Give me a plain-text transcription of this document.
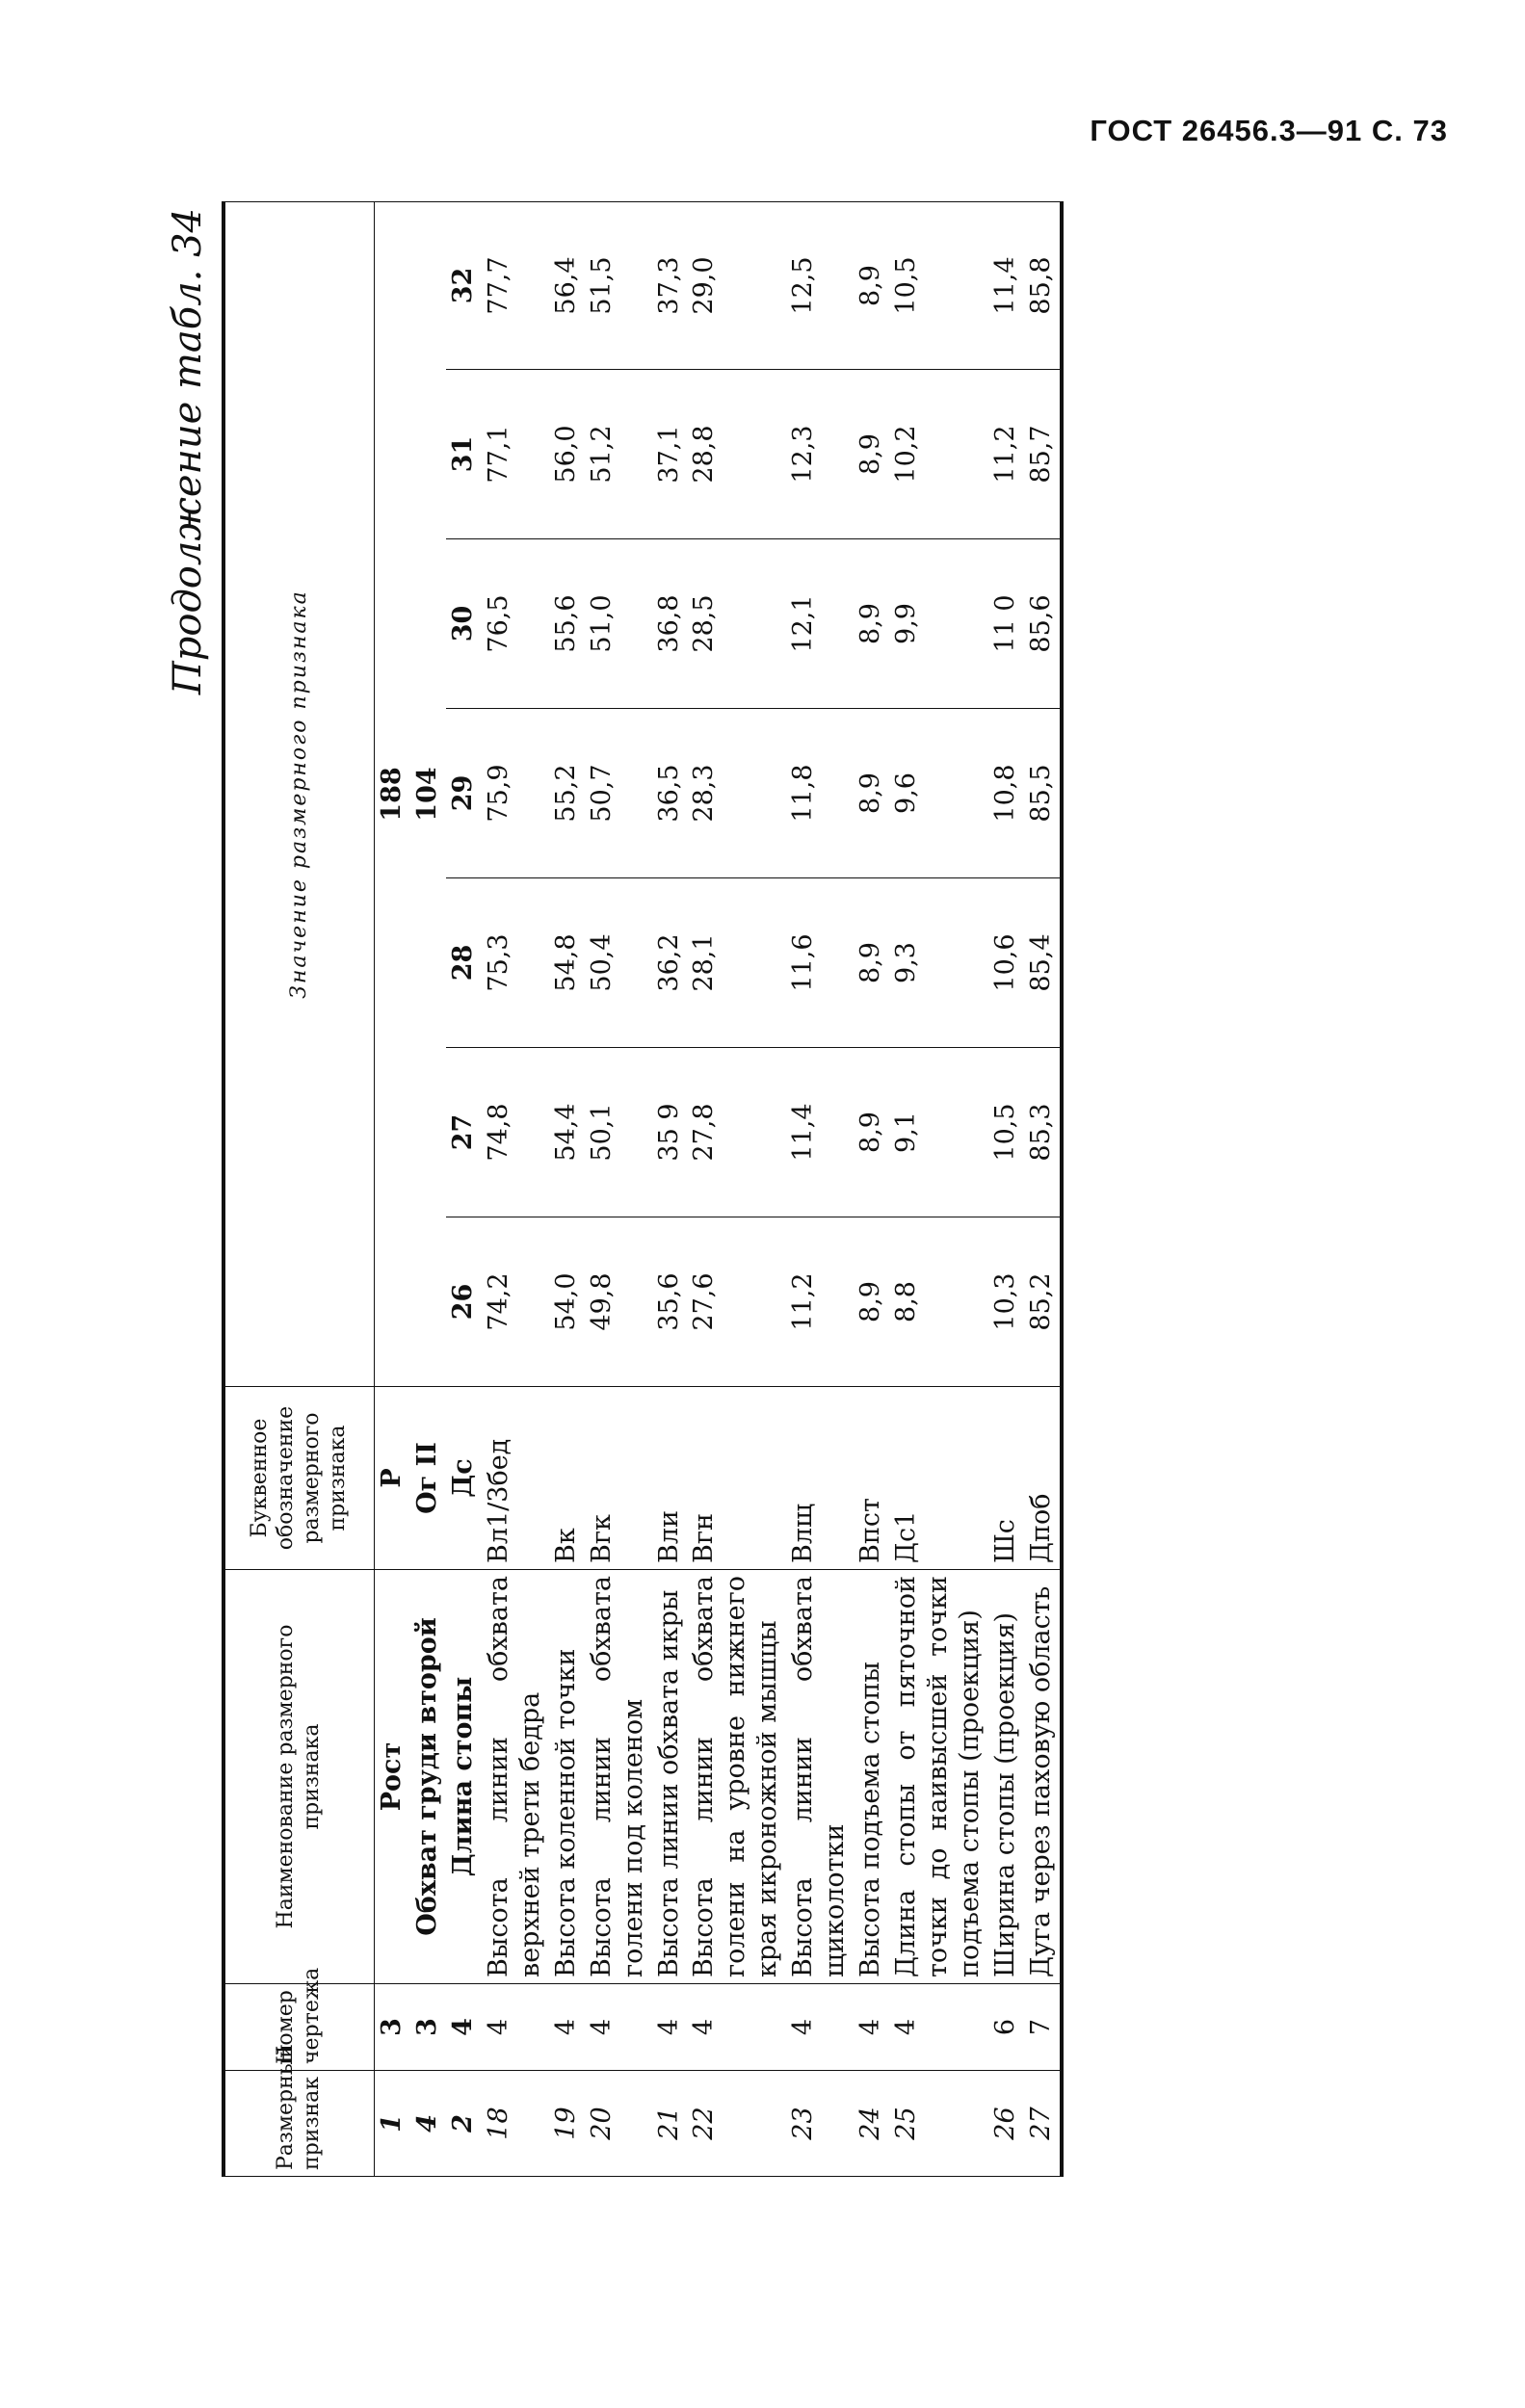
ГОСТ 26456.3—91 С. 73
Продолжение табл. 34
Размерный признак	Номер чертежа	Наименование размерного признака	Буквенное обозначение размерного признака	Значение размерного признака						
1	3	Рост	Р	188						
4	3	Обхват груди второй	Ог II	104						
2	4	Длина стопы	Дс	26	27	28	29	30	31	32
18	4	Высота линии обхвата верхней трети бедра	Вл1/3бед	74,2	74,8	75,3	75,9	76,5	77,1	77,7
19	4	Высота коленной точки	Вк	54,0	54,4	54,8	55,2	55,6	56,0	56,4
20	4	Высота линии обхвата голени под коленом	Вгк	49,8	50,1	50,4	50,7	51,0	51,2	51,5
21	4	Высота линии обхвата икры	Вли	35,6	35 9	36,2	36,5	36,8	37,1	37,3
22	4	Высота линии обхвата голени на уровне нижнего края икроножной мышцы	Вгн	27,6	27,8	28,1	28,3	28,5	28,8	29,0
23	4	Высота линии обхвата щиколотки	Влщ	11,2	11,4	11,6	11,8	12,1	12,3	12,5
24	4	Высота подъема стопы	Впст	8,9	8,9	8,9	8,9	8,9	8,9	8,9
25	4	Длина стопы от пяточной точки до наивысшей точки подъема стопы (проекция)	Дс1	8,8	9,1	9,3	9,6	9,9	10,2	10,5
26	6	Ширина стопы (проекция)	Шс	10,3	10,5	10,6	10,8	11 0	11,2	11,4
27	7	Дуга через паховую область	Дпоб	85,2	85,3	85,4	85,5	85,6	85,7	85,8
